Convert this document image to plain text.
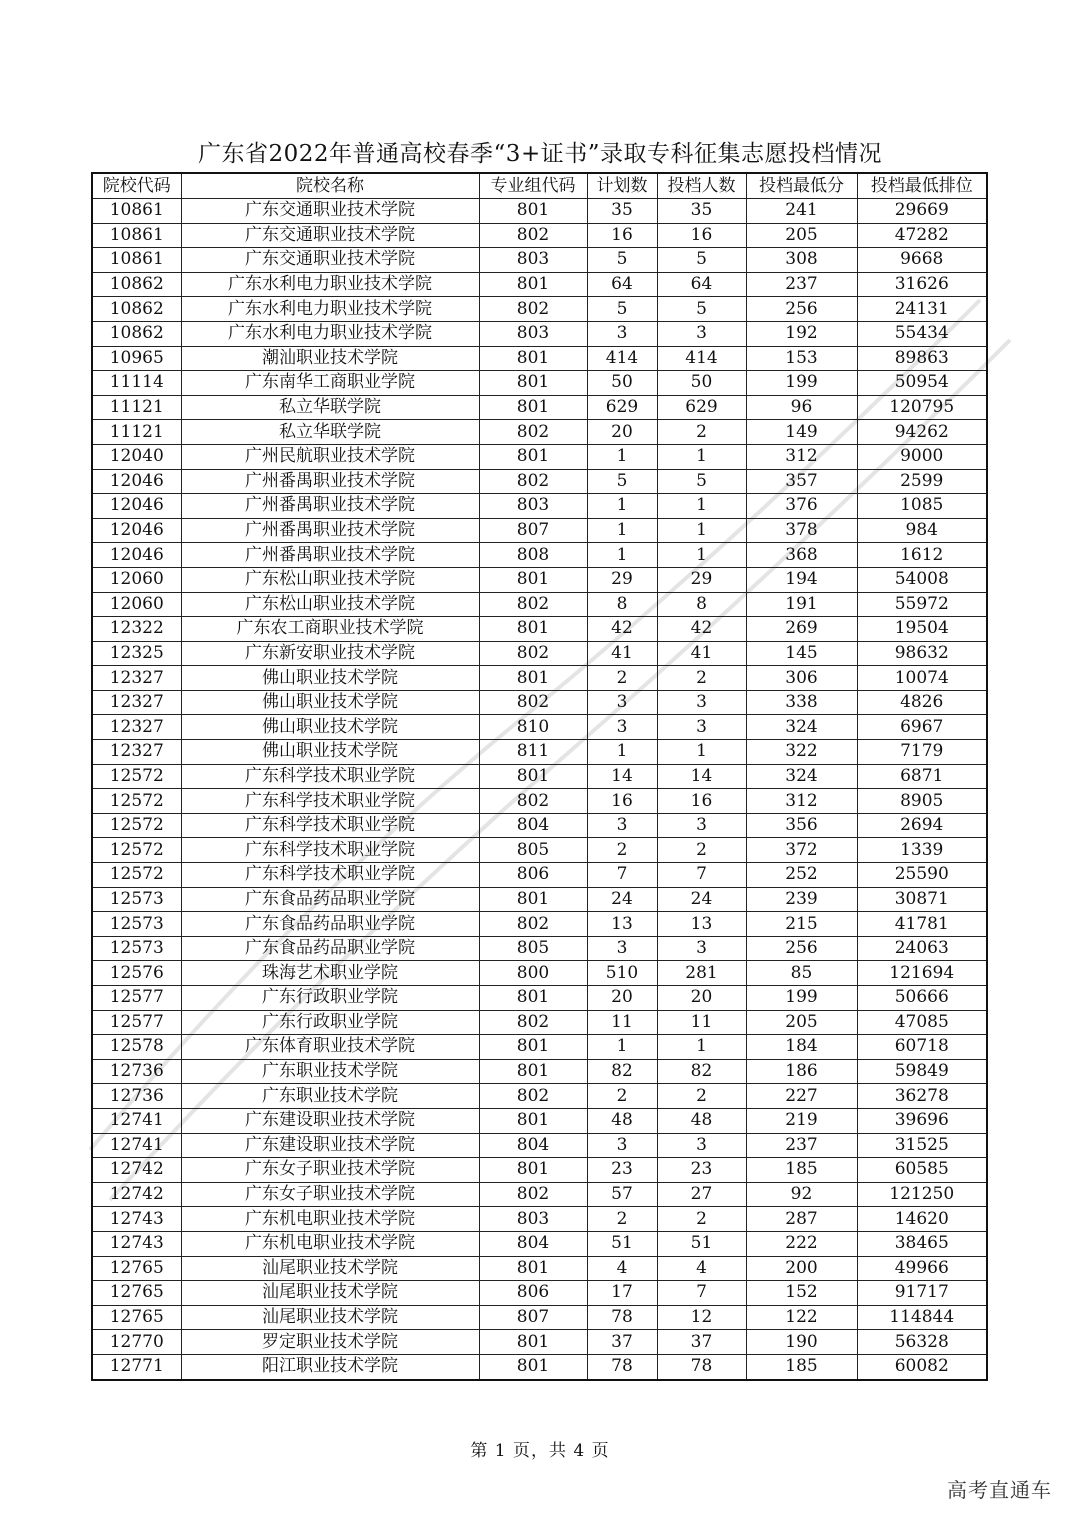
广东省2022年普通高校春季“3+证书”录取专科征集志愿投档情况
院校代码	院校名称	专业组代码	计划数	投档人数	投档最低分	投档最低排位
10861	广东交通职业技术学院	801	35	35	241	29669
10861	广东交通职业技术学院	802	16	16	205	47282
10861	广东交通职业技术学院	803	5	5	308	9668
10862	广东水利电力职业技术学院	801	64	64	237	31626
10862	广东水利电力职业技术学院	802	5	5	256	24131
10862	广东水利电力职业技术学院	803	3	3	192	55434
10965	潮汕职业技术学院	801	414	414	153	89863
11114	广东南华工商职业学院	801	50	50	199	50954
11121	私立华联学院	801	629	629	96	120795
11121	私立华联学院	802	20	2	149	94262
12040	广州民航职业技术学院	801	1	1	312	9000
12046	广州番禺职业技术学院	802	5	5	357	2599
12046	广州番禺职业技术学院	803	1	1	376	1085
12046	广州番禺职业技术学院	807	1	1	378	984
12046	广州番禺职业技术学院	808	1	1	368	1612
12060	广东松山职业技术学院	801	29	29	194	54008
12060	广东松山职业技术学院	802	8	8	191	55972
12322	广东农工商职业技术学院	801	42	42	269	19504
12325	广东新安职业技术学院	802	41	41	145	98632
12327	佛山职业技术学院	801	2	2	306	10074
12327	佛山职业技术学院	802	3	3	338	4826
12327	佛山职业技术学院	810	3	3	324	6967
12327	佛山职业技术学院	811	1	1	322	7179
12572	广东科学技术职业学院	801	14	14	324	6871
12572	广东科学技术职业学院	802	16	16	312	8905
12572	广东科学技术职业学院	804	3	3	356	2694
12572	广东科学技术职业学院	805	2	2	372	1339
12572	广东科学技术职业学院	806	7	7	252	25590
12573	广东食品药品职业学院	801	24	24	239	30871
12573	广东食品药品职业学院	802	13	13	215	41781
12573	广东食品药品职业学院	805	3	3	256	24063
12576	珠海艺术职业学院	800	510	281	85	121694
12577	广东行政职业学院	801	20	20	199	50666
12577	广东行政职业学院	802	11	11	205	47085
12578	广东体育职业技术学院	801	1	1	184	60718
12736	广东职业技术学院	801	82	82	186	59849
12736	广东职业技术学院	802	2	2	227	36278
12741	广东建设职业技术学院	801	48	48	219	39696
12741	广东建设职业技术学院	804	3	3	237	31525
12742	广东女子职业技术学院	801	23	23	185	60585
12742	广东女子职业技术学院	802	57	27	92	121250
12743	广东机电职业技术学院	803	2	2	287	14620
12743	广东机电职业技术学院	804	51	51	222	38465
12765	汕尾职业技术学院	801	4	4	200	49966
12765	汕尾职业技术学院	806	17	7	152	91717
12765	汕尾职业技术学院	807	78	12	122	114844
12770	罗定职业技术学院	801	37	37	190	56328
12771	阳江职业技术学院	801	78	78	185	60082
第 1 页，共 4 页
高考直通车
